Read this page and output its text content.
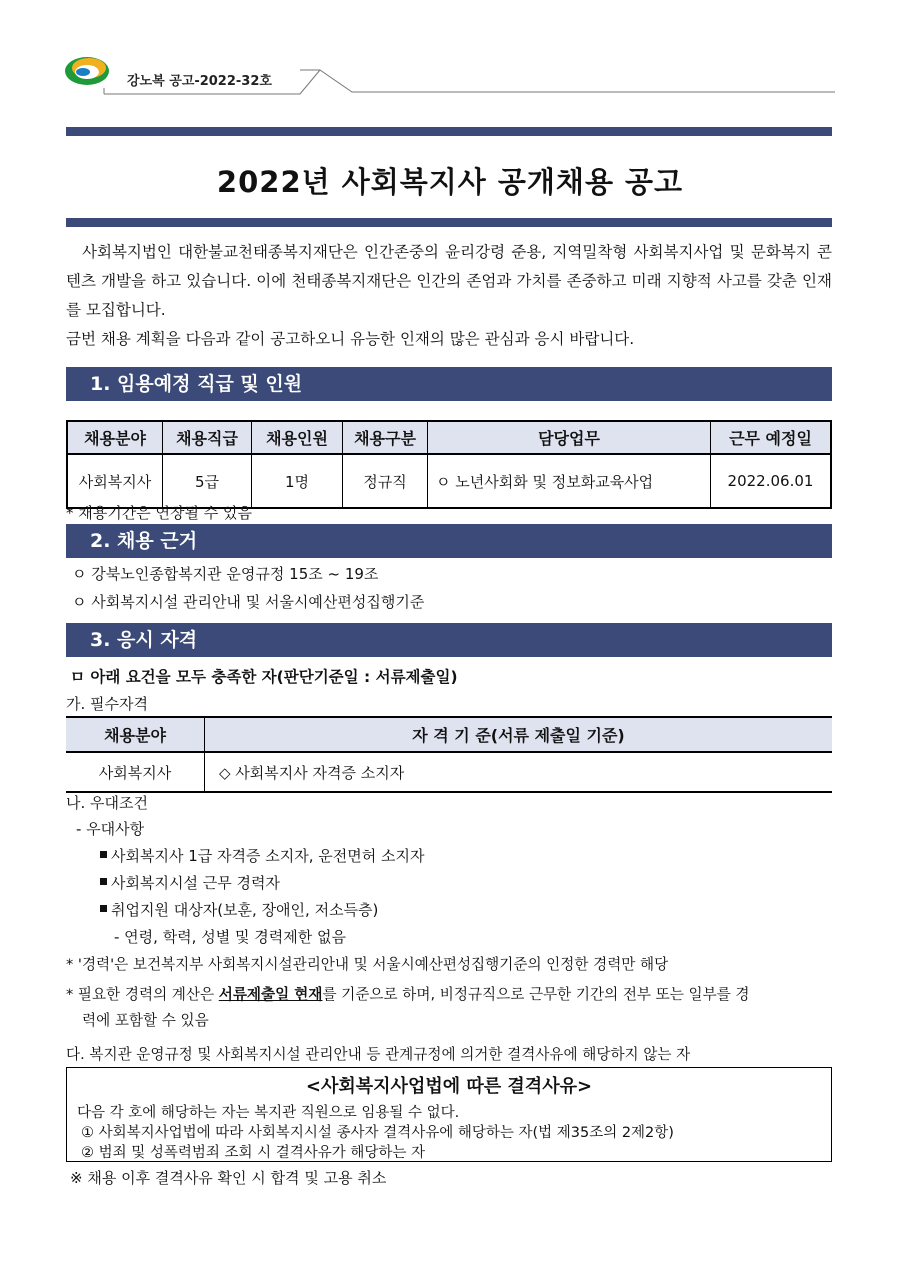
강노복 공고-2022-32호
2022년 사회복지사 공개채용 공고

사회복지법인 대한불교천태종복지재단은 인간존중의 윤리강령 준용, 지역밀착형 사회복지사업 및 문화복지 콘텐츠 개발을 하고 있습니다. 이에 천태종복지재단은 인간의 존엄과 가치를 존중하고 미래 지향적 사고를 갖춘 인재를 모집합니다.

금번 채용 계획을 다음과 같이 공고하오니 유능한 인재의 많은 관심과 응시 바랍니다.

1. 임용예정 직급 및 인원
채용분야	채용직급	채용인원	채용구분	담당업무	근무 예정일
사회복지사	5급	1명	정규직	ㅇ 노년사회화 및 정보화교육사업	2022.06.01
* 채용기간은 연장될 수 있음
2. 채용 근거
ㅇ 강북노인종합복지관 운영규정 15조 ~ 19조
ㅇ 사회복지시설 관리안내 및 서울시예산편성집행기준
3. 응시 자격
ㅁ 아래 요건을 모두 충족한 자(판단기준일 : 서류제출일)
가. 필수자격
채용분야	자 격 기 준(서류 제출일 기준)
사회복지사	◇ 사회복지사 자격증 소지자
나. 우대조건
- 우대사항
사회복지사 1급 자격증 소지자, 운전면허 소지자
사회복지시설 근무 경력자
취업지원 대상자(보훈, 장애인, 저소득층)
- 연령, 학력, 성별 및 경력제한 없음
* '경력'은 보건복지부 사회복지시설관리안내 및 서울시예산편성집행기준의 인정한 경력만 해당
* 필요한 경력의 계산은 서류제출일 현재를 기준으로 하며, 비정규직으로 근무한 기간의 전부 또는 일부를 경
력에 포함할 수 있음
다. 복지관 운영규정 및 사회복지시설 관리안내 등 관계규정에 의거한 결격사유에 해당하지 않는 자
<사회복지사업법에 따른 결격사유>
다음 각 호에 해당하는 자는 복지관 직원으로 임용될 수 없다.
① 사회복지사업법에 따라 사회복지시설 종사자 결격사유에 해당하는 자(법 제35조의 2제2항)
② 범죄 및 성폭력범죄 조회 시 결격사유가 해당하는 자
※ 채용 이후 결격사유 확인 시 합격 및 고용 취소
